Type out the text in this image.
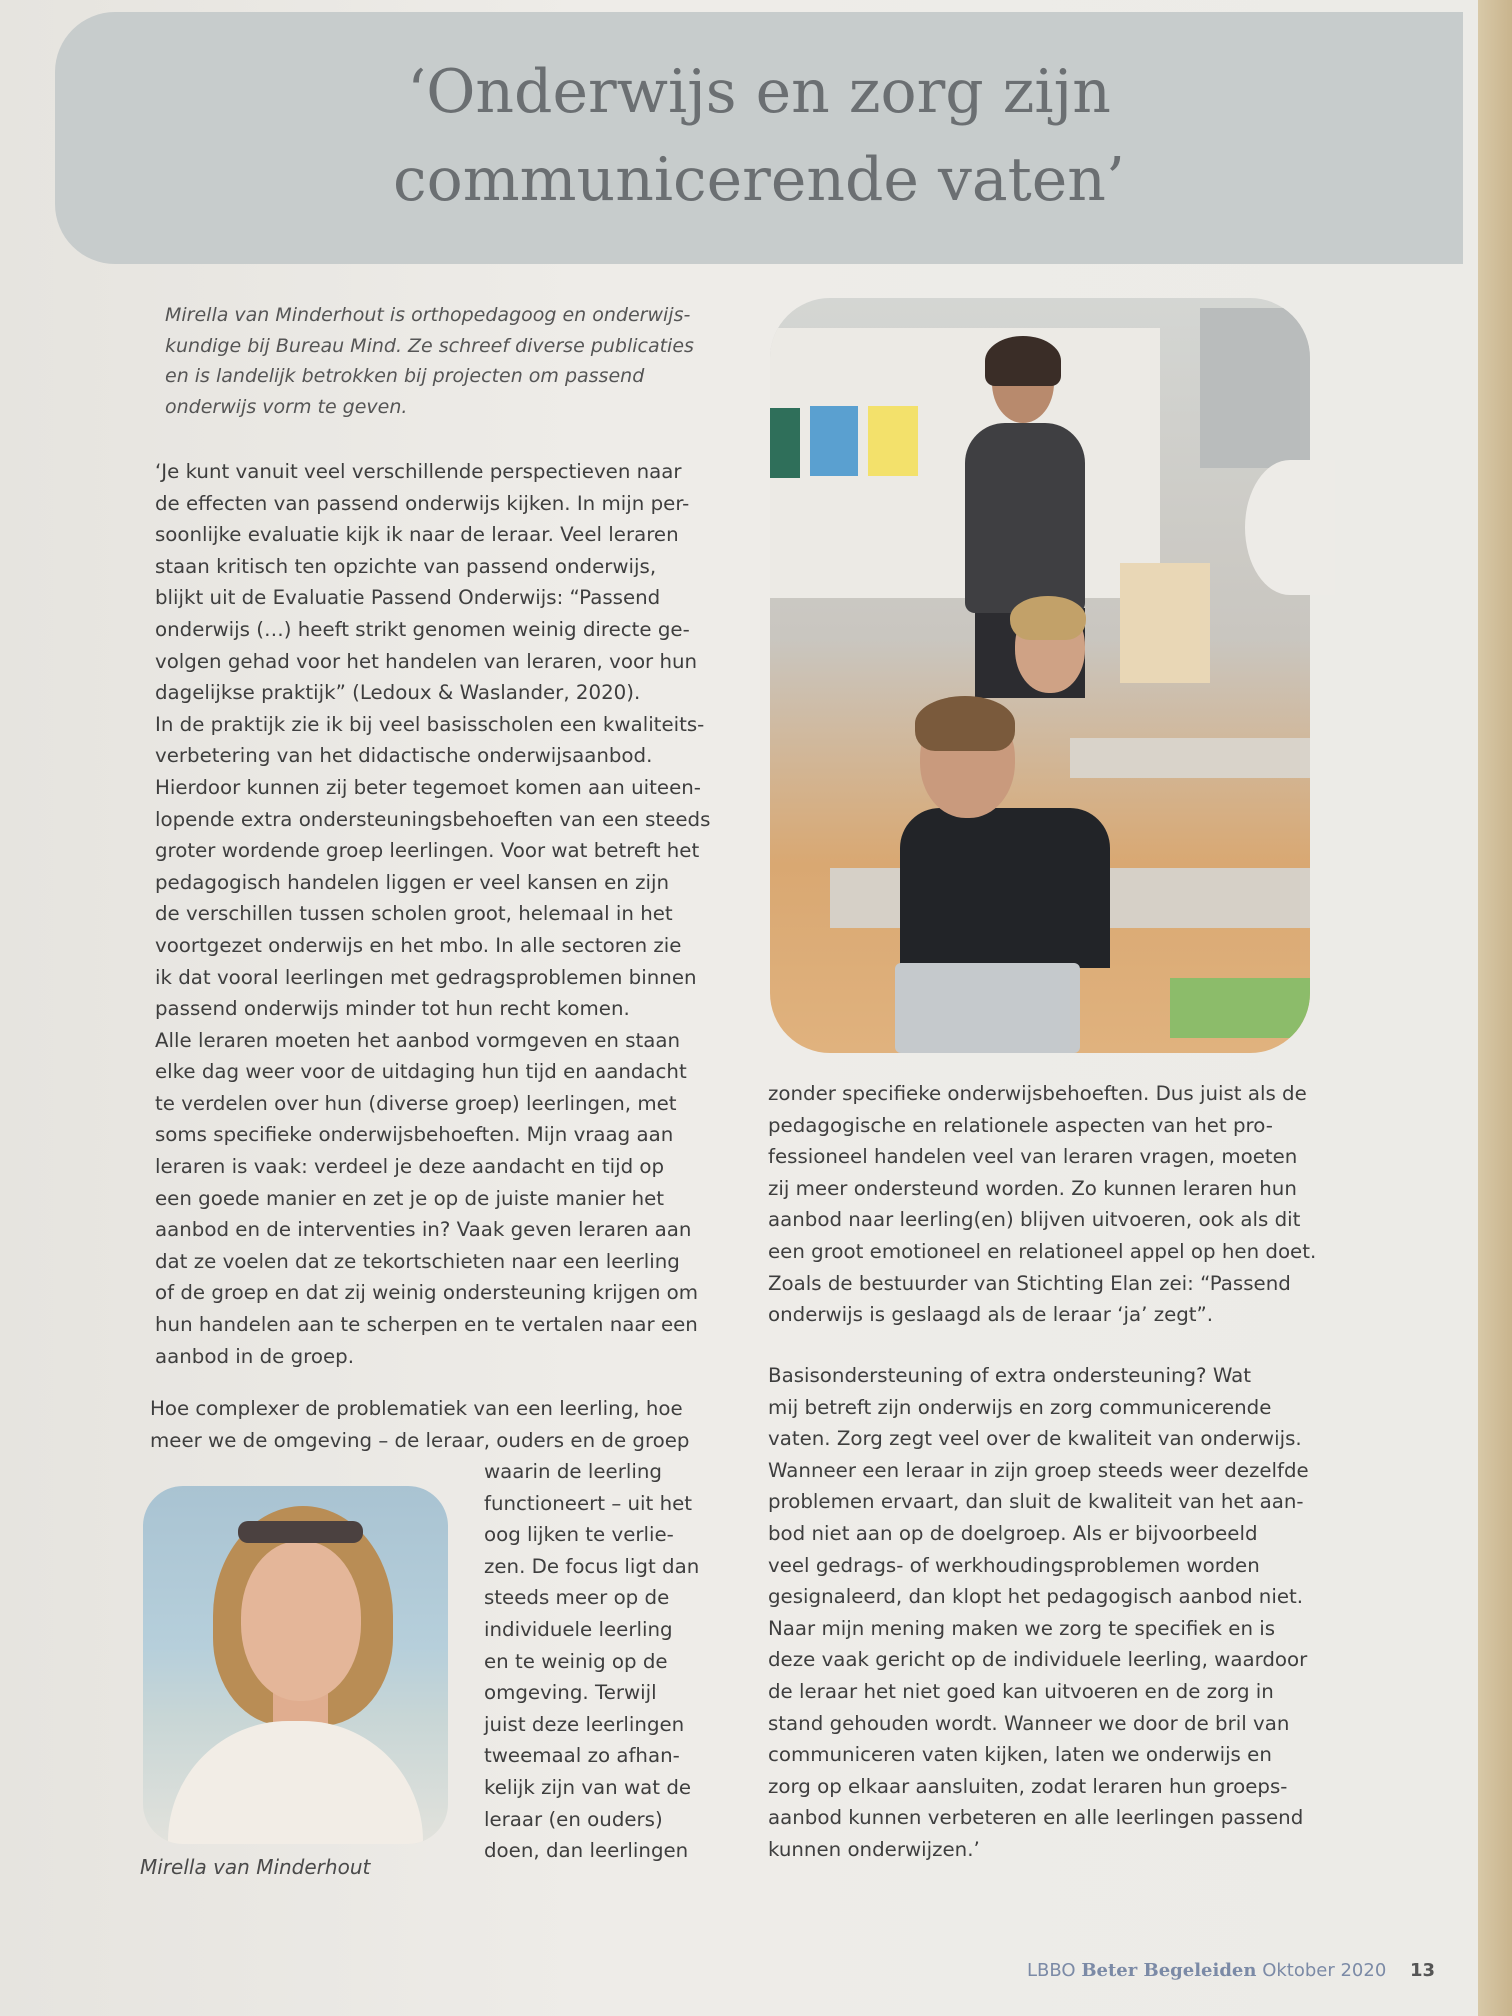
‘Onderwijs en zorg zijn
communicerende vaten’
Mirella van Minderhout is orthopedagoog en onderwijs-
kundige bij Bureau Mind. Ze schreef diverse publicaties
en is landelijk betrokken bij projecten om passend
onderwijs vorm te geven.
‘Je kunt vanuit veel verschillende perspectieven naar
de effecten van passend onderwijs kijken. In mijn per-
soonlijke evaluatie kijk ik naar de leraar. Veel leraren
staan kritisch ten opzichte van passend onderwijs,
blijkt uit de Evaluatie Passend Onderwijs: “Passend
onderwijs (…) heeft strikt genomen weinig directe ge-
volgen gehad voor het handelen van leraren, voor hun
dagelijkse praktijk” (Ledoux & Waslander, 2020).
In de praktijk zie ik bij veel basisscholen een kwaliteits-
verbetering van het didactische onderwijsaanbod.
Hierdoor kunnen zij beter tegemoet komen aan uiteen-
lopende extra ondersteuningsbehoeften van een steeds
groter wordende groep leerlingen. Voor wat betreft het
pedagogisch handelen liggen er veel kansen en zijn
de verschillen tussen scholen groot, helemaal in het
voortgezet onderwijs en het mbo. In alle sectoren zie
ik dat vooral leerlingen met gedragsproblemen binnen
passend onderwijs minder tot hun recht komen.
Alle leraren moeten het aanbod vormgeven en staan
elke dag weer voor de uitdaging hun tijd en aandacht
te verdelen over hun (diverse groep) leerlingen, met
soms specifieke onderwijsbehoeften. Mijn vraag aan
leraren is vaak: verdeel je deze aandacht en tijd op
een goede manier en zet je op de juiste manier het
aanbod en de interventies in? Vaak geven leraren aan
dat ze voelen dat ze tekortschieten naar een leerling
of de groep en dat zij weinig ondersteuning krijgen om
hun handelen aan te scherpen en te vertalen naar een
aanbod in de groep.
Hoe complexer de problematiek van een leerling, hoe
meer we de omgeving – de leraar, ouders en de groep
waarin de leerling
functioneert – uit het
oog lijken te verlie-
zen. De focus ligt dan
steeds meer op de
individuele leerling
en te weinig op de
omgeving. Terwijl
juist deze leerlingen
tweemaal zo afhan-
kelijk zijn van wat de
leraar (en ouders)
doen, dan leerlingen
zonder specifieke onderwijsbehoeften. Dus juist als de
pedagogische en relationele aspecten van het pro-
fessioneel handelen veel van leraren vragen, moeten
zij meer ondersteund worden. Zo kunnen leraren hun
aanbod naar leerling(en) blijven uitvoeren, ook als dit
een groot emotioneel en relationeel appel op hen doet.
Zoals de bestuurder van Stichting Elan zei: “Passend
onderwijs is geslaagd als de leraar ‘ja’ zegt”.
Basisondersteuning of extra ondersteuning? Wat
mij betreft zijn onderwijs en zorg communicerende
vaten. Zorg zegt veel over de kwaliteit van onderwijs.
Wanneer een leraar in zijn groep steeds weer dezelfde
problemen ervaart, dan sluit de kwaliteit van het aan-
bod niet aan op de doelgroep. Als er bijvoorbeeld
veel gedrags- of werkhoudingsproblemen worden
gesignaleerd, dan klopt het pedagogisch aanbod niet.
Naar mijn mening maken we zorg te specifiek en is
deze vaak gericht op de individuele leerling, waardoor
de leraar het niet goed kan uitvoeren en de zorg in
stand gehouden wordt. Wanneer we door de bril van
communiceren vaten kijken, laten we onderwijs en
zorg op elkaar aansluiten, zodat leraren hun groeps-
aanbod kunnen verbeteren en alle leerlingen passend
kunnen onderwijzen.’
Mirella van Minderhout
LBBO Beter Begeleiden Oktober 2020 13
